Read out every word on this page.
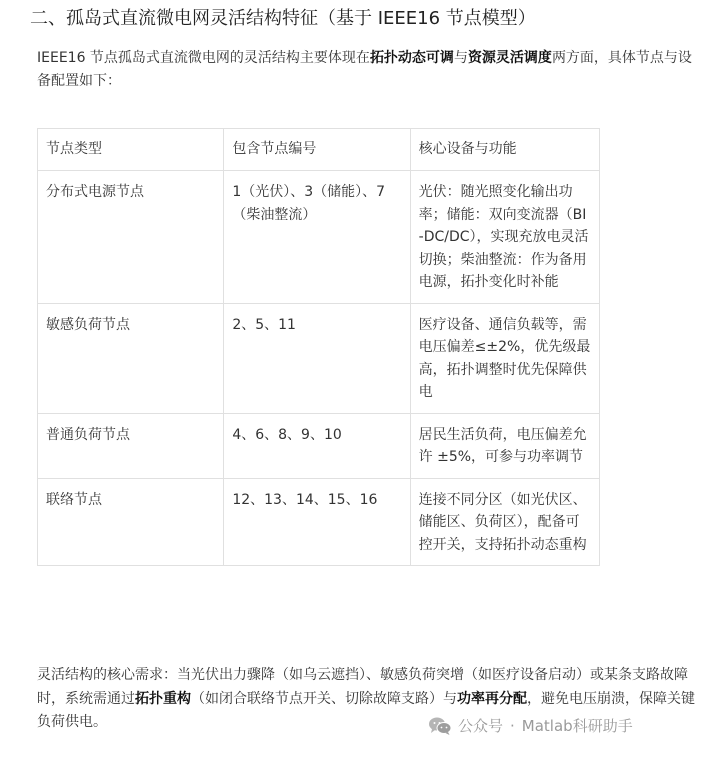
二、孤岛式直流微电网灵活结构特征（基于 IEEE16 节点模型）

IEEE16 节点孤岛式直流微电网的灵活结构主要体现在拓扑动态可调与资源灵活调度两方面，具体节点与设备配置如下：

节点类型	包含节点编号	核心设备与功能
分布式电源节点	1（光伏）、3（储能）、7（柴油整流）	光伏：随光照变化输出功率；储能：双向变流器（BI-DC/DC），实现充放电灵活切换；柴油整流：作为备用电源，拓扑变化时补能
敏感负荷节点	2、5、11	医疗设备、通信负载等，需电压偏差≤±2%，优先级最高，拓扑调整时优先保障供电
普通负荷节点	4、6、8、9、10	居民生活负荷，电压偏差允许 ±5%，可参与功率调节
联络节点	12、13、14、15、16	连接不同分区（如光伏区、储能区、负荷区），配备可控开关，支持拓扑动态重构

灵活结构的核心需求：当光伏出力骤降（如乌云遮挡）、敏感负荷突增（如医疗设备启动）或某条支路故障时，系统需通过拓扑重构（如闭合联络节点开关、切除故障支路）与功率再分配，避免电压崩溃，保障关键负荷供电。	公众号 · Matlab科研助手
